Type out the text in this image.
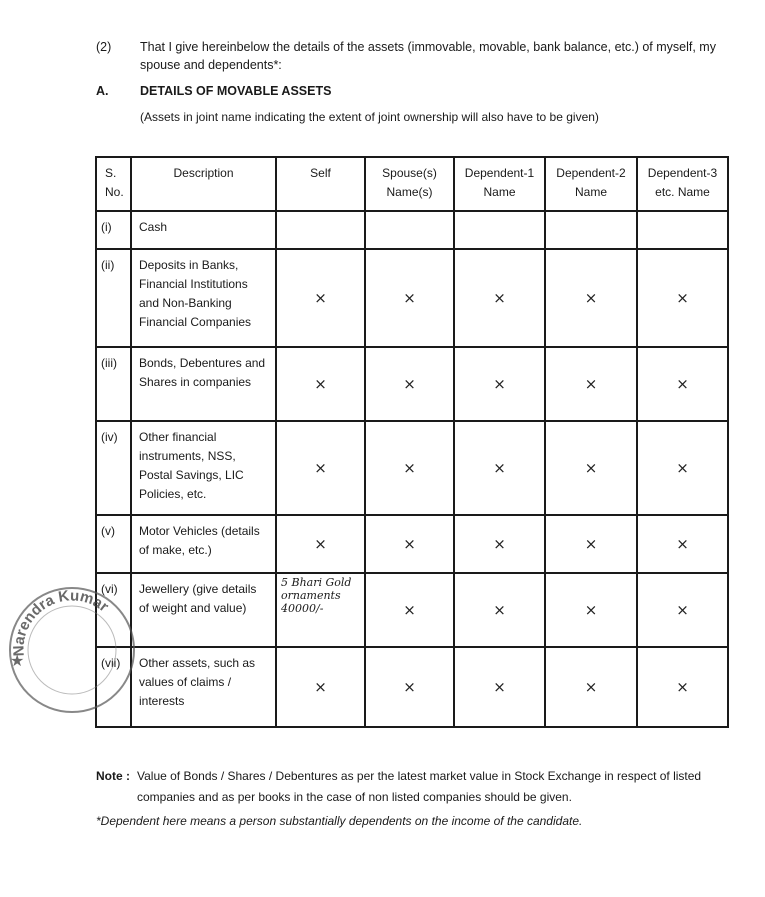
(2) That I give hereinbelow the details of the assets (immovable, movable, bank balance, etc.) of myself, my spouse and dependents*:
A.	DETAILS OF MOVABLE ASSETS
(Assets in joint name indicating the extent of joint ownership will also have to be given)
S. No.	Description	Self	Spouse(s) Name(s)	Dependent-1 Name	Dependent-2 Name	Dependent-3 etc. Name
(i)	Cash					
(ii)	Deposits in Banks, Financial Institutions and Non-Banking Financial Companies	×	×	×	×	×
(iii)	Bonds, Debentures and Shares in companies	×	×	×	×	×
(iv)	Other financial instruments, NSS, Postal Savings, LIC Policies, etc.	×	×	×	×	×
(v)	Motor Vehicles (details of make, etc.)	×	×	×	×	×
(vi)	Jewellery (give details of weight and value)	5 Bhari Gold ornaments 40000/-	×	×	×	×
(vii)	Other assets, such as values of claims / interests	×	×	×	×	×
Narendra Kumar
★
Note : Value of Bonds / Shares / Debentures as per the latest market value in Stock Exchange in respect of listed companies and as per books in the case of non listed companies should be given.
*Dependent here means a person substantially dependents on the income of the candidate.
